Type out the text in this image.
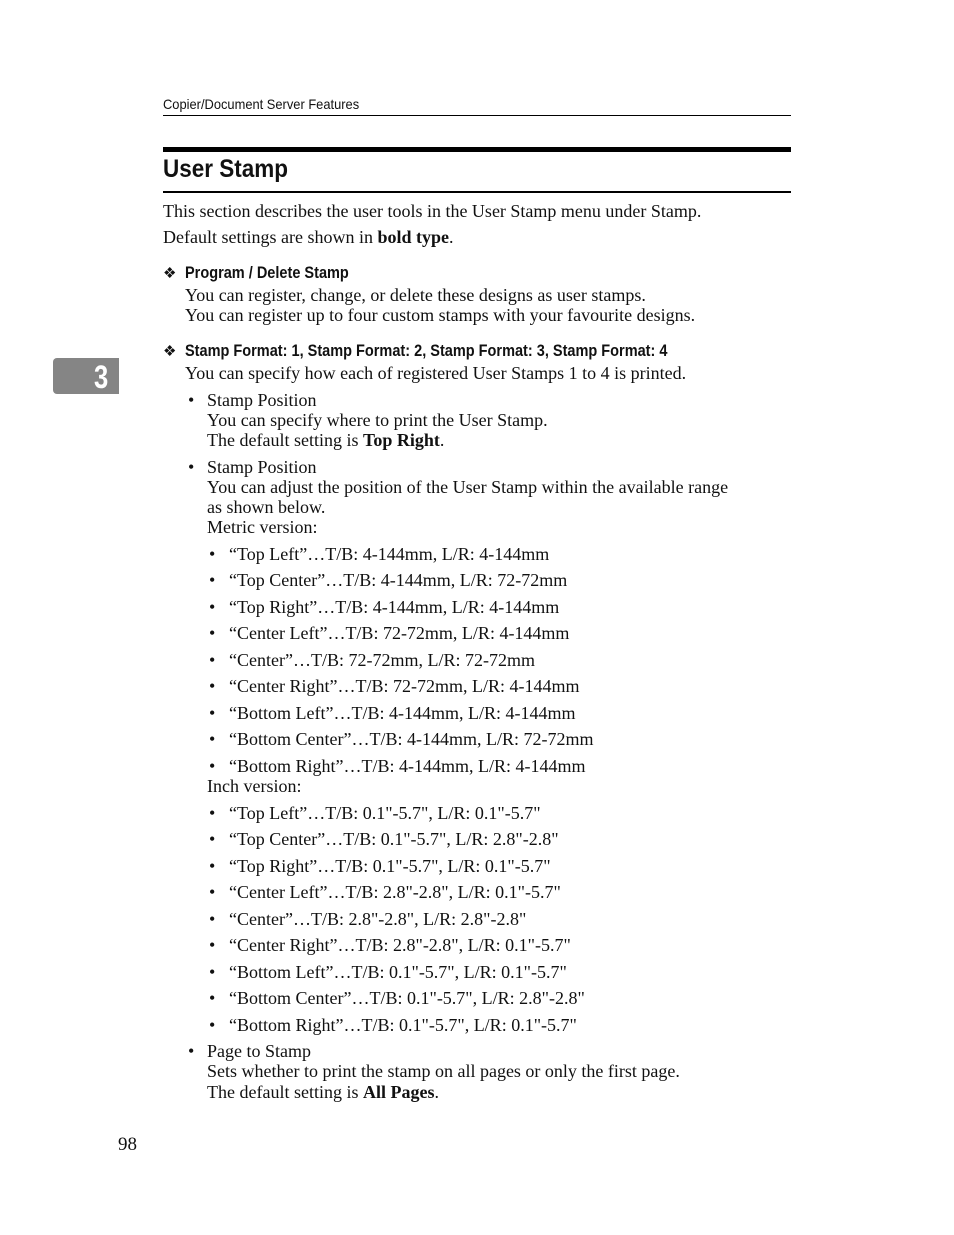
Copier/Document Server Features
User Stamp
3
This section describes the user tools in the User Stamp menu under Stamp.
Default settings are shown in bold type.
❖ Program / Delete Stamp
You can register, change, or delete these designs as user stamps.
You can register up to four custom stamps with your favourite designs.
❖ Stamp Format: 1, Stamp Format: 2, Stamp Format: 3, Stamp Format: 4
You can specify how each of registered User Stamps 1 to 4 is printed.
• Stamp Position
You can specify where to print the User Stamp.
The default setting is Top Right.
• Stamp Position
You can adjust the position of the User Stamp within the available range
as shown below.
Metric version:
• “Top Left”…T/B: 4-144mm, L/R: 4-144mm
• “Top Center”…T/B: 4-144mm, L/R: 72-72mm
• “Top Right”…T/B: 4-144mm, L/R: 4-144mm
• “Center Left”…T/B: 72-72mm, L/R: 4-144mm
• “Center”…T/B: 72-72mm, L/R: 72-72mm
• “Center Right”…T/B: 72-72mm, L/R: 4-144mm
• “Bottom Left”…T/B: 4-144mm, L/R: 4-144mm
• “Bottom Center”…T/B: 4-144mm, L/R: 72-72mm
• “Bottom Right”…T/B: 4-144mm, L/R: 4-144mm
Inch version:
• “Top Left”…T/B: 0.1"-5.7", L/R: 0.1"-5.7"
• “Top Center”…T/B: 0.1"-5.7", L/R: 2.8"-2.8"
• “Top Right”…T/B: 0.1"-5.7", L/R: 0.1"-5.7"
• “Center Left”…T/B: 2.8"-2.8", L/R: 0.1"-5.7"
• “Center”…T/B: 2.8"-2.8", L/R: 2.8"-2.8"
• “Center Right”…T/B: 2.8"-2.8", L/R: 0.1"-5.7"
• “Bottom Left”…T/B: 0.1"-5.7", L/R: 0.1"-5.7"
• “Bottom Center”…T/B: 0.1"-5.7", L/R: 2.8"-2.8"
• “Bottom Right”…T/B: 0.1"-5.7", L/R: 0.1"-5.7"
• Page to Stamp
Sets whether to print the stamp on all pages or only the first page.
The default setting is All Pages.
98
